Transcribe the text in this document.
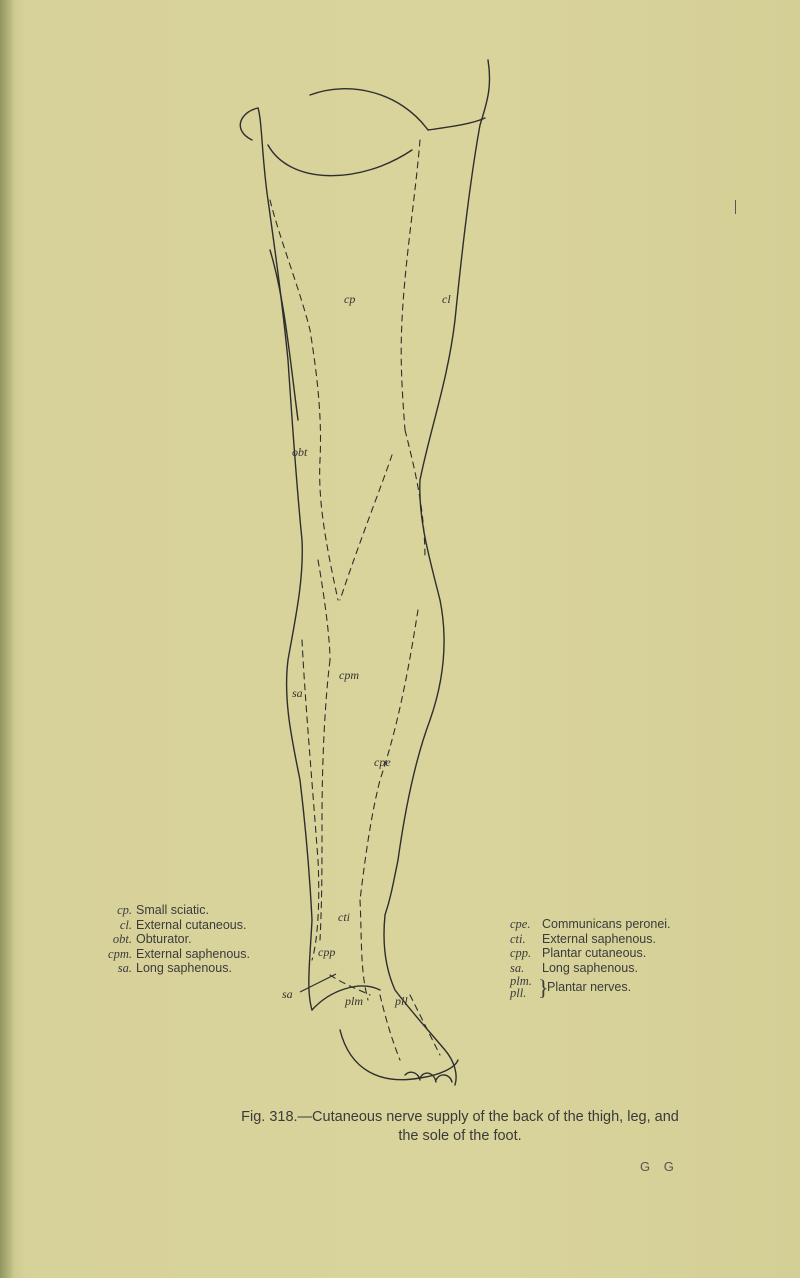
cp	cl
obt
cpm
sa
cpe
cti
cpp
sa	plm	pll
cp. Small sciatic.
cl. External cutaneous.
obt. Obturator.
cpm. External saphenous.
sa. Long saphenous.
cpe. Communicans peronei.
cti. External saphenous.
cpp. Plantar cutaneous.
sa. Long saphenous.
plm.
pll. }
Plantar nerves.
Fig. 318.—Cutaneous nerve supply of the back of the thigh, leg, and the sole of the foot.
G G
